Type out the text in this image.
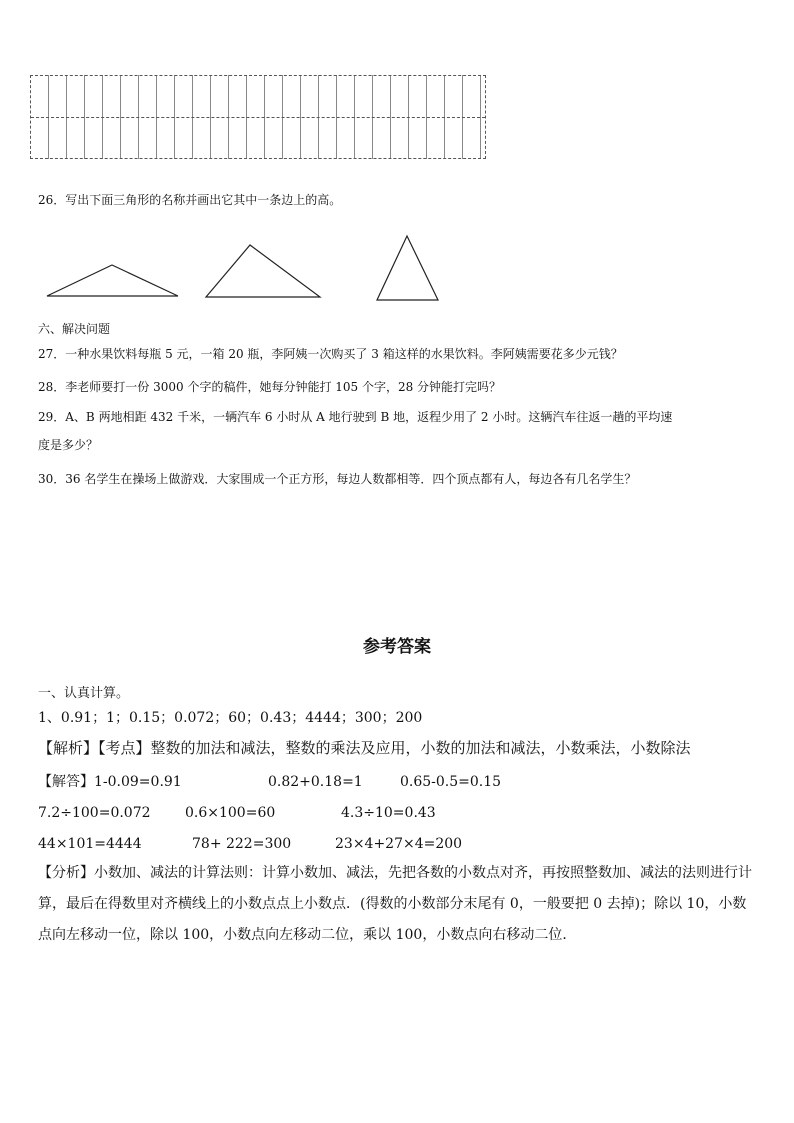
26．写出下面三角形的名称并画出它其中一条边上的高。
六、解决问题
27．一种水果饮料每瓶 5 元，一箱 20 瓶，李阿姨一次购买了 3 箱这样的水果饮料。李阿姨需要花多少元钱？
28．李老师要打一份 3000 个字的稿件，她每分钟能打 105 个字，28 分钟能打完吗？
29．A、B 两地相距 432 千米，一辆汽车 6 小时从 A 地行驶到 B 地，返程少用了 2 小时。这辆汽车往返一趟的平均速
度是多少？
30．36 名学生在操场上做游戏．大家围成一个正方形，每边人数都相等．四个顶点都有人，每边各有几名学生？
参考答案
一、认真计算。
1、0.91；1；0.15；0.072；60；0.43；4444；300；200
【解析】【考点】整数的加法和减法，整数的乘法及应用，小数的加法和减法，小数乘法，小数除法
【解答】1-0.09=0.91	0.82+0.18=1	0.65-0.5=0.15
7.2÷100=0.072 0.6×100=60	4.3÷10=0.43
44×101=4444	78+ 222=300	23×4+27×4=200
【分析】小数加、减法的计算法则：计算小数加、减法，先把各数的小数点对齐，再按照整数加、减法的法则进行计算，最后在得数里对齐横线上的小数点点上小数点．(得数的小数部分末尾有 0，一般要把 0 去掉)；除以 10，小数点向左移动一位，除以 100，小数点向左移动二位，乘以 100，小数点向右移动二位．
